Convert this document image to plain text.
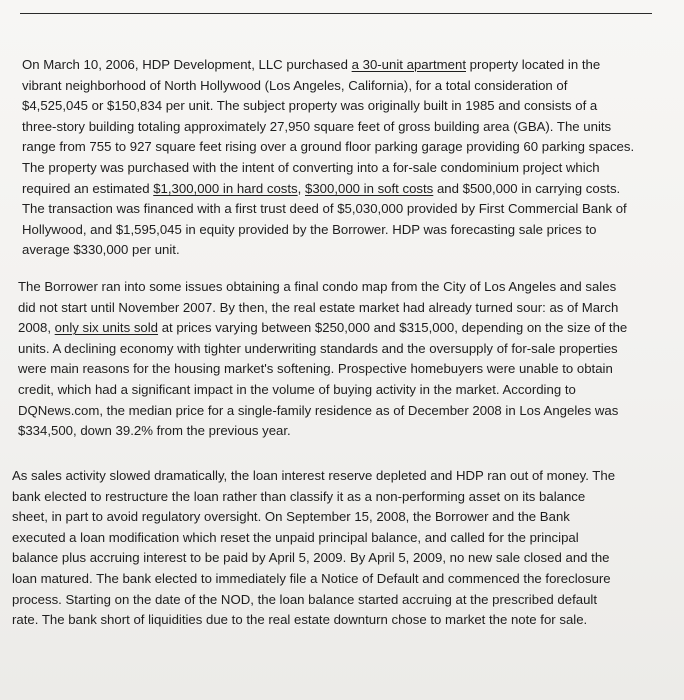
On March 10, 2006, HDP Development, LLC purchased a 30-unit apartment property located in the
vibrant neighborhood of North Hollywood (Los Angeles, California), for a total consideration of
$4,525,045 or $150,834 per unit. The subject property was originally built in 1985 and consists of a
three-story building totaling approximately 27,950 square feet of gross building area (GBA). The units
range from 755 to 927 square feet rising over a ground floor parking garage providing 60 parking spaces.
The property was purchased with the intent of converting into a for-sale condominium project which
required an estimated $1,300,000 in hard costs, $300,000 in soft costs and $500,000 in carrying costs.
The transaction was financed with a first trust deed of $5,030,000 provided by First Commercial Bank of
Hollywood, and $1,595,045 in equity provided by the Borrower. HDP was forecasting sale prices to
average $330,000 per unit.

The Borrower ran into some issues obtaining a final condo map from the City of Los Angeles and sales
did not start until November 2007. By then, the real estate market had already turned sour: as of March
2008, only six units sold at prices varying between $250,000 and $315,000, depending on the size of the
units. A declining economy with tighter underwriting standards and the oversupply of for-sale properties
were main reasons for the housing market's softening. Prospective homebuyers were unable to obtain
credit, which had a significant impact in the volume of buying activity in the market. According to
DQNews.com, the median price for a single-family residence as of December 2008 in Los Angeles was
$334,500, down 39.2% from the previous year.

As sales activity slowed dramatically, the loan interest reserve depleted and HDP ran out of money. The
bank elected to restructure the loan rather than classify it as a non-performing asset on its balance
sheet, in part to avoid regulatory oversight. On September 15, 2008, the Borrower and the Bank
executed a loan modification which reset the unpaid principal balance, and called for the principal
balance plus accruing interest to be paid by April 5, 2009. By April 5, 2009, no new sale closed and the
loan matured. The bank elected to immediately file a Notice of Default and commenced the foreclosure
process. Starting on the date of the NOD, the loan balance started accruing at the prescribed default
rate. The bank short of liquidities due to the real estate downturn chose to market the note for sale.
